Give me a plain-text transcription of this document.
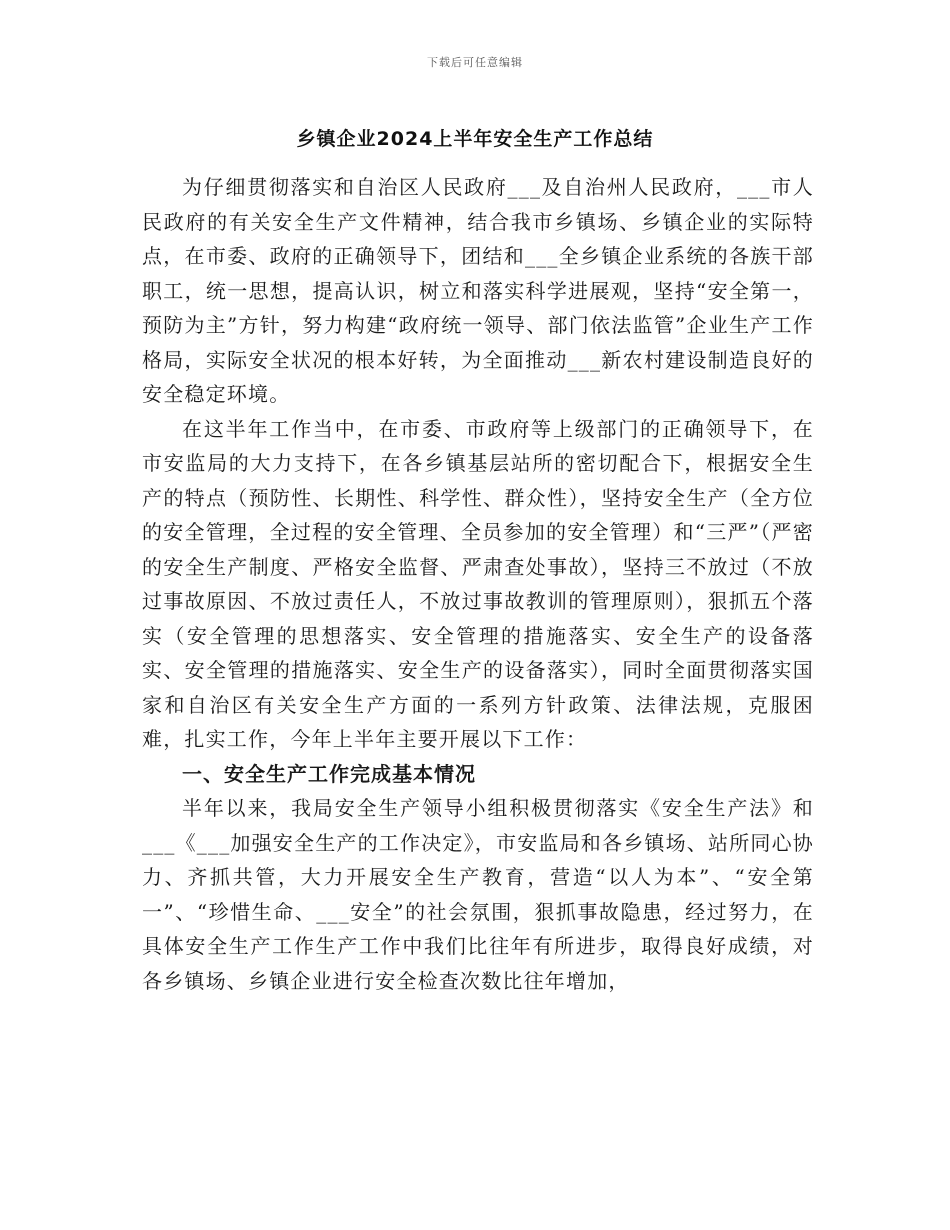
下载后可任意编辑
乡镇企业2024上半年安全生产工作总结

为仔细贯彻落实和自治区人民政府___及自治州人民政府，___市人民政府的有关安全生产文件精神，结合我市乡镇场、乡镇企业的实际特点，在市委、政府的正确领导下，团结和___全乡镇企业系统的各族干部职工，统一思想，提高认识，树立和落实科学进展观，坚持“安全第一，预防为主”方针，努力构建“政府统一领导、部门依法监管”企业生产工作格局，实际安全状况的根本好转，为全面推动___新农村建设制造良好的安全稳定环境。

在这半年工作当中，在市委、市政府等上级部门的正确领导下，在市安监局的大力支持下，在各乡镇基层站所的密切配合下，根据安全生产的特点（预防性、长期性、科学性、群众性），坚持安全生产（全方位的安全管理，全过程的安全管理、全员参加的安全管理）和“三严”（严密的安全生产制度、严格安全监督、严肃查处事故），坚持三不放过（不放过事故原因、不放过责任人，不放过事故教训的管理原则），狠抓五个落实（安全管理的思想落实、安全管理的措施落实、安全生产的设备落实、安全管理的措施落实、安全生产的设备落实），同时全面贯彻落实国家和自治区有关安全生产方面的一系列方针政策、法律法规，克服困难，扎实工作，今年上半年主要开展以下工作：

一、安全生产工作完成基本情况

半年以来，我局安全生产领导小组积极贯彻落实《安全生产法》和___《___加强安全生产的工作决定》，市安监局和各乡镇场、站所同心协力、齐抓共管，大力开展安全生产教育，营造“以人为本”、“安全第一”、“珍惜生命、___安全”的社会氛围，狠抓事故隐患，经过努力，在具体安全生产工作生产工作中我们比往年有所进步，取得良好成绩，对各乡镇场、乡镇企业进行安全检查次数比往年增加，
